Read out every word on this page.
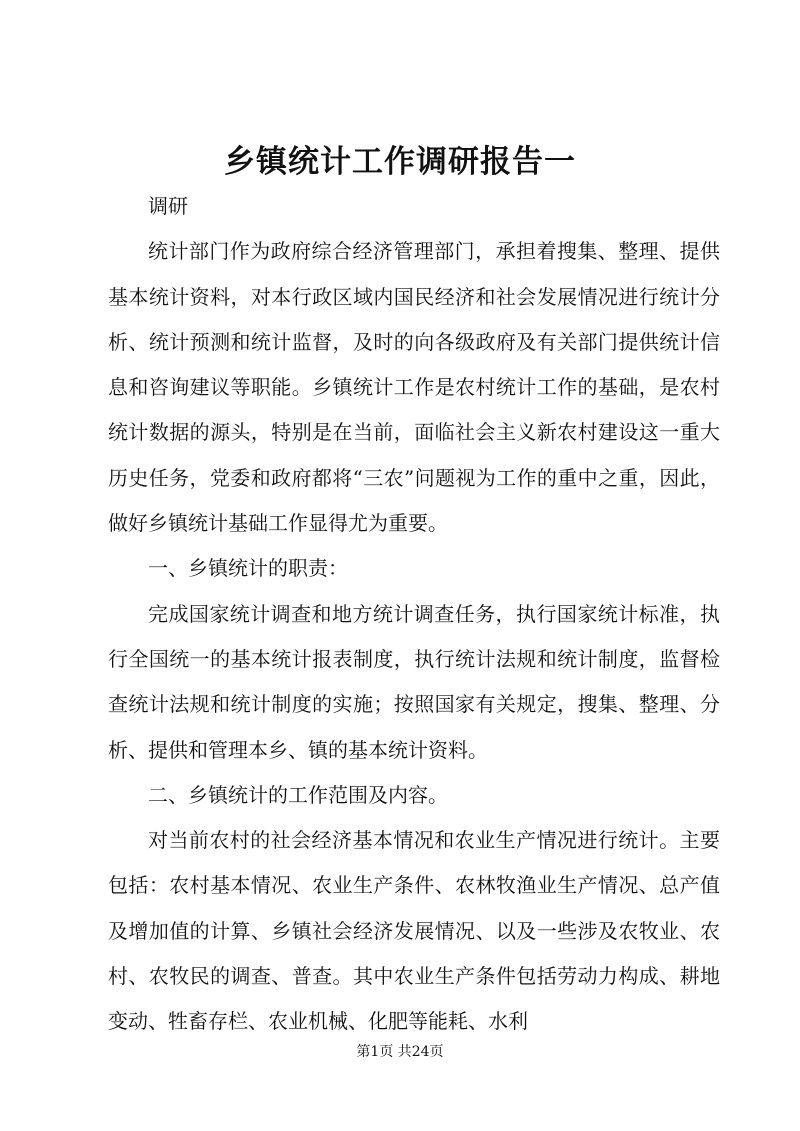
乡镇统计工作调研报告一

调研

统计部门作为政府综合经济管理部门，承担着搜集、整理、提供基本统计资料，对本行政区域内国民经济和社会发展情况进行统计分析、统计预测和统计监督，及时的向各级政府及有关部门提供统计信息和咨询建议等职能。乡镇统计工作是农村统计工作的基础，是农村统计数据的源头，特别是在当前，面临社会主义新农村建设这一重大历史任务，党委和政府都将“三农”问题视为工作的重中之重，因此，做好乡镇统计基础工作显得尤为重要。

一、乡镇统计的职责：

完成国家统计调查和地方统计调查任务，执行国家统计标准，执行全国统一的基本统计报表制度，执行统计法规和统计制度，监督检查统计法规和统计制度的实施；按照国家有关规定，搜集、整理、分析、提供和管理本乡、镇的基本统计资料。

二、乡镇统计的工作范围及内容。

对当前农村的社会经济基本情况和农业生产情况进行统计。主要包括：农村基本情况、农业生产条件、农林牧渔业生产情况、总产值及增加值的计算、乡镇社会经济发展情况、以及一些涉及农牧业、农村、农牧民的调查、普查。其中农业生产条件包括劳动力构成、耕地变动、牲畜存栏、农业机械、化肥等能耗、水利

第1页 共24页
